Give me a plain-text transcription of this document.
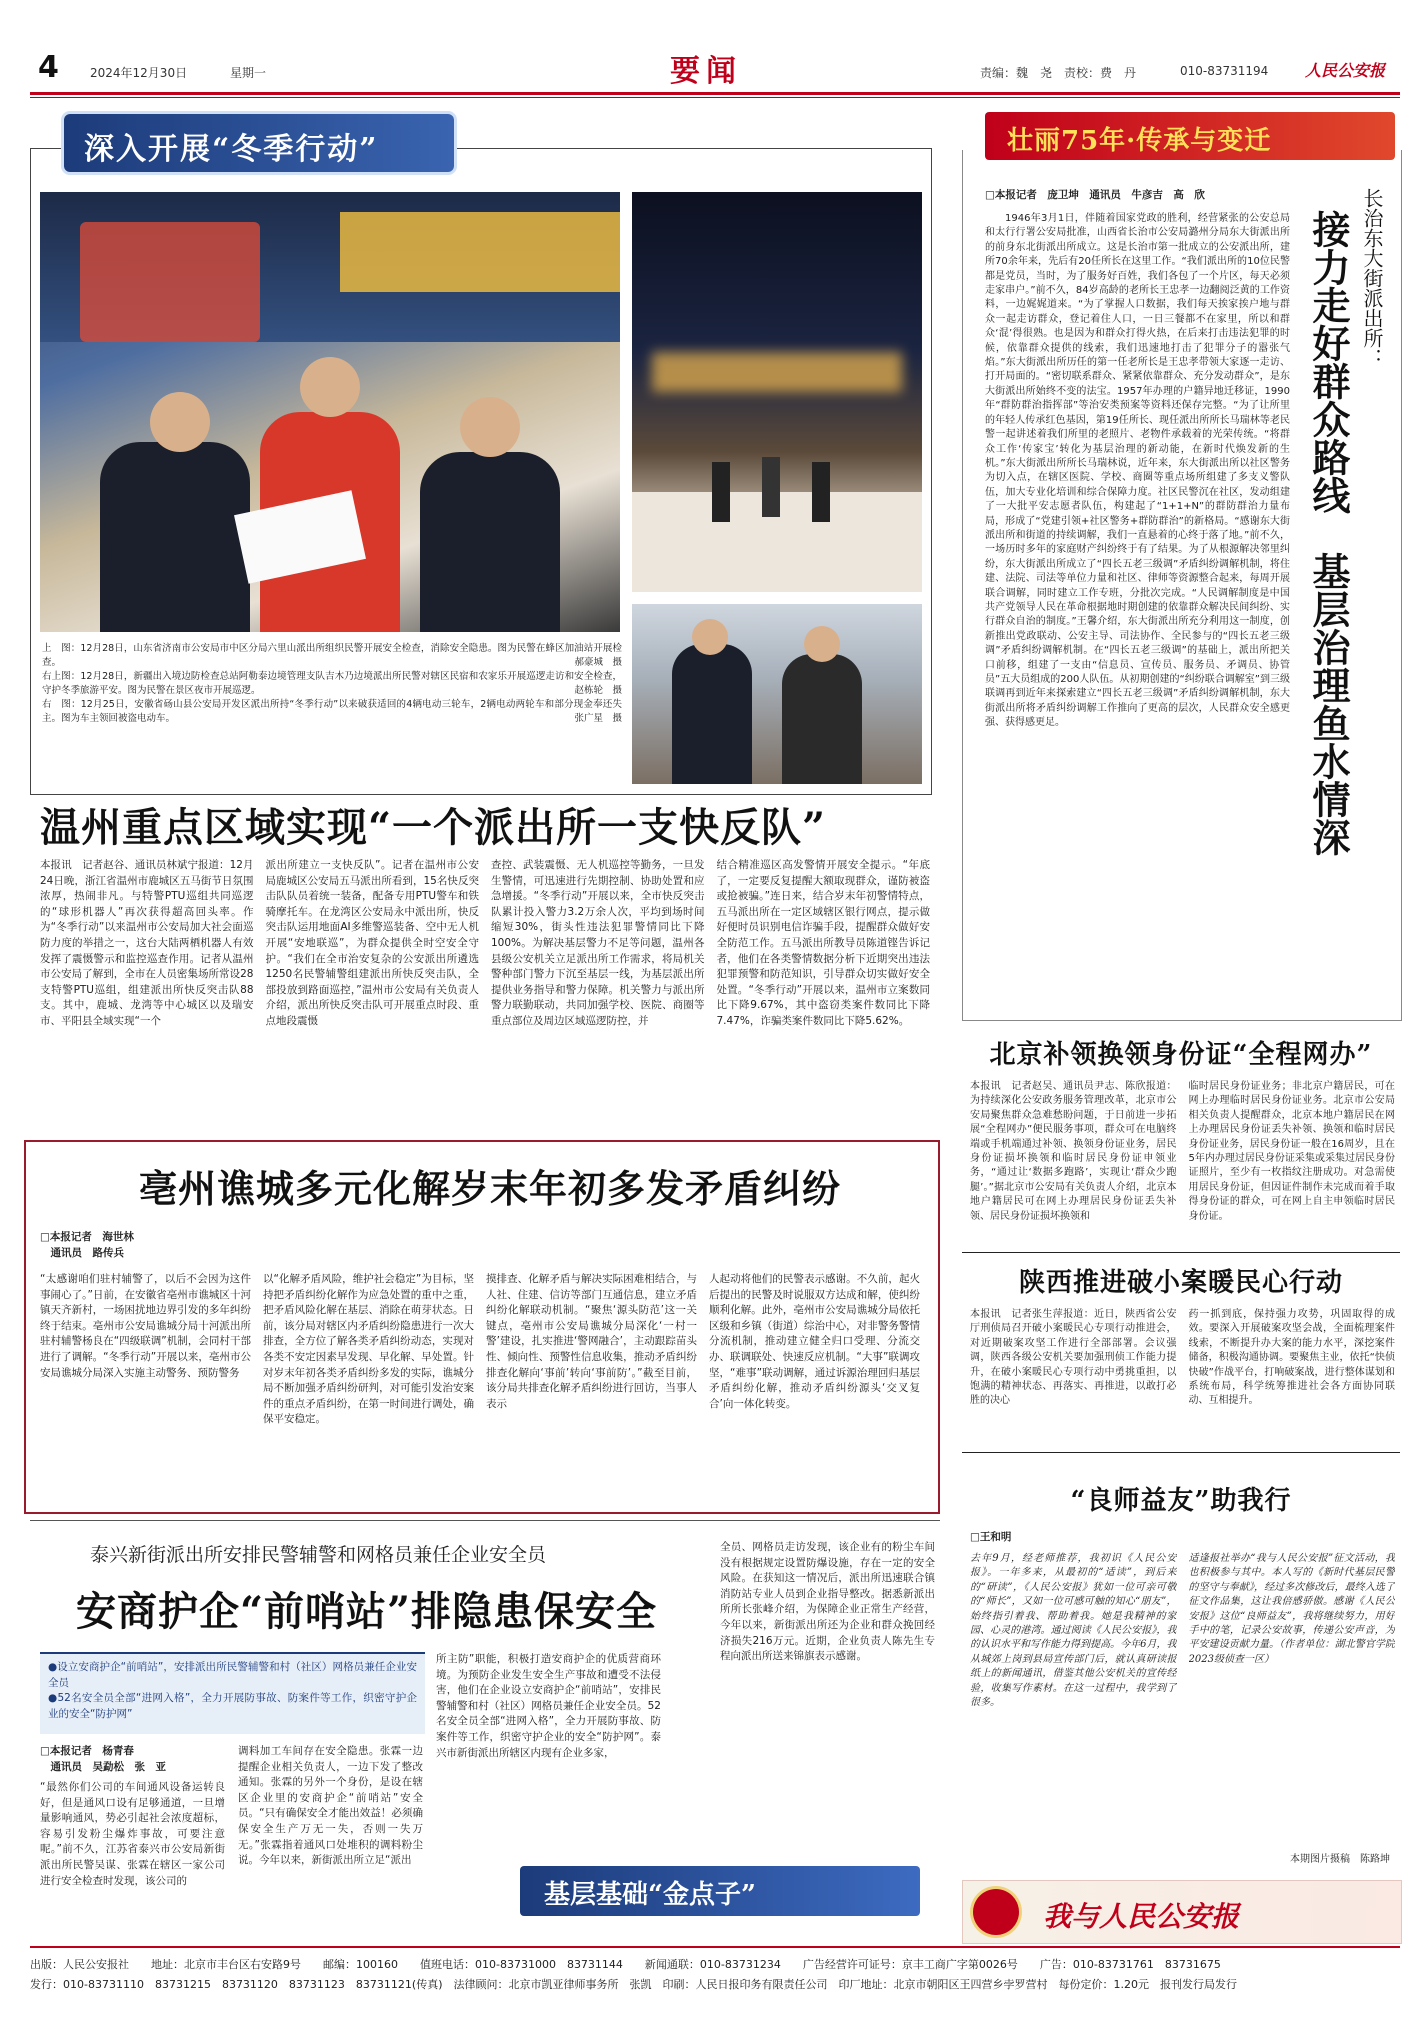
4	2024年12月30日	星期一	要闻	责编：魏　尧　责校：费　丹	010-83731194 人民公安报
深入开展“冬季行动”
上　图：12月28日，山东省济南市公安局市中区分局六里山派出所组织民警开展安全检查，消除安全隐患。图为民警在蜂区加油站开展检查。	郝豪城　摄
右上图：12月28日，新疆出入境边防检查总站阿勒泰边境管理支队吉木乃边境派出所民警对辖区民宿和农家乐开展巡逻走访和安全检查，守护冬季旅游平安。图为民警在景区夜市开展巡逻。	赵栋轮　摄
右　图：12月25日，安徽省砀山县公安局开发区派出所持“冬季行动”以来破获适回的4辆电动三轮车，2辆电动两轮车和部分现金奉还失主。图为车主领回被盗电动车。	张广星　摄
温州重点区域实现“一个派出所一支快反队”
本报讯　记者赵谷、通讯员林斌宁报道：12月24日晚，浙江省温州市鹿城区五马街节日氛围浓厚，热闹非凡。与特警PTU巡组共同巡逻的“球形机器人”再次获得超高回头率。作为“冬季行动”以来温州市公安局加大社会面巡防力度的举措之一，这台大陆两栖机器人有效发挥了震慑警示和监控巡查作用。记者从温州市公安局了解到，全市在人员密集场所常设28支特警PTU巡组，组建派出所快反突击队88支。其中，鹿城、龙湾等中心城区以及瑞安市、平阳县全域实现“一个
派出所建立一支快反队”。记者在温州市公安局鹿城区公安局五马派出所看到，15名快反突击队队员着统一装备，配备专用PTU警车和铁骑摩托车。在龙湾区公安局永中派出所，快反突击队运用地面AI多维警巡装备、空中无人机开展“安地联巡”，为群众提供全时空安全守护。“我们在全市治安复杂的公安派出所遴选1250名民警辅警组建派出所快反突击队，全部投放到路面巡控，”温州市公安局有关负责人介绍，派出所快反突击队可开展重点时段、重点地段震慑
查控、武装震慑、无人机巡控等勤务，一旦发生警情，可迅速进行先期控制、协助处置和应急增援。“冬季行动”开展以来，全市快反突击队累计投入警力3.2万余人次，平均到场时间缩短30%，街头性违法犯罪警情同比下降100%。为解决基层警力不足等问题，温州各县级公安机关立足派出所工作需求，将局机关警种部门警力下沉至基层一线，为基层派出所提供业务指导和警力保障。机关警力与派出所警力联勤联动，共同加强学校、医院、商圈等重点部位及周边区域巡逻防控，并
结合精准巡区高发警情开展安全提示。“年底了，一定要反复提醒大额取现群众，谨防被盗或抢被骗。”连日来，结合岁末年初警情特点，五马派出所在一定区域辖区银行网点，提示做好便时员识别电信诈骗手段，提醒群众做好安全防范工作。五马派出所教导员陈道铿告诉记者，他们在各类警情数据分析下近期突出违法犯罪预警和防范知识，引导群众切实做好安全处置。“冬季行动”开展以来，温州市立案数同比下降9.67%，其中盗窃类案件数同比下降7.47%，诈骗类案件数同比下降5.62%。
亳州谯城多元化解岁末年初多发矛盾纠纷
□本报记者　海世林
　通讯员　路传兵
“太感谢咱们驻村辅警了，以后不会因为这件事闹心了。”日前，在安徽省亳州市谯城区十河镇天齐新村，一场困扰地边界引发的多年纠纷终于结束。亳州市公安局谯城分局十河派出所驻村辅警杨良在“四级联调”机制，会同村干部进行了调解。“冬季行动”开展以来，亳州市公安局谯城分局深入实施主动警务、预防警务
以“化解矛盾风险，维护社会稳定”为目标，坚持把矛盾纠纷化解作为应急处置的重中之重，把矛盾风险化解在基层、消除在萌芽状态。日前，该分局对辖区内矛盾纠纷隐患进行一次大排查，全方位了解各类矛盾纠纷动态，实现对各类不安定因素早发现、早化解、早处置。针对岁末年初各类矛盾纠纷多发的实际，谯城分局不断加强矛盾纠纷研判，对可能引发治安案件的重点矛盾纠纷，在第一时间进行调处，确保平安稳定。
摸排查、化解矛盾与解决实际困难相结合，与人社、住建、信访等部门互通信息，建立矛盾纠纷化解联动机制。“聚焦‘源头防范’这一关键点，亳州市公安局谯城分局深化‘一村一警’建设，扎实推进‘警网融合’，主动跟踪苗头性、倾向性、预警性信息收集，推动矛盾纠纷排查化解向‘事前’转向‘事前防’。”截至目前，该分局共排查化解矛盾纠纷进行回访，当事人表示
人起动将他们的民警表示感谢。不久前，起火后提出的民警及时说服双方达成和解，使纠纷顺利化解。此外，亳州市公安局谯城分局依托区级和乡镇（街道）综治中心，对非警务警情分流机制，推动建立健全归口受理、分流交办、联调联处、快速反应机制。“大事”联调攻坚，“难事”联动调解，通过诉源治理回归基层矛盾纠纷化解，推动矛盾纠纷源头‘交叉复合’向一体化转变。
壮丽75年·传承与变迁
□本报记者　庞卫坤　通讯员　牛彦吉　高　欣	长治东大街派出所：
接力走好群众路线　基层治理鱼水情深

1946年3月1日，伴随着国家党政的胜利，经营紧张的公安总局和太行行署公安局批准，山西省长治市公安局潞州分局东大街派出所的前身东北街派出所成立。这是长治市第一批成立的公安派出所，建所70余年来，先后有20任所长在这里工作。“我们派出所的10位民警都是党员，当时，为了服务好百姓，我们各包了一个片区，每天必须走家串户。”前不久，84岁高龄的老所长王忠孝一边翻阅泛黄的工作资料，一边娓娓道来。“为了掌握人口数据，我们每天挨家挨户地与群众一起走访群众，登记着住人口，一日三餐都不在家里，所以和群众‘混’得很熟。也是因为和群众打得火热，在后来打击违法犯罪的时候，依靠群众提供的线索，我们迅速地打击了犯罪分子的嚣张气焰。”东大街派出所历任的第一任老所长是王忠孝带领大家逐一走访、打开局面的。“密切联系群众、紧紧依靠群众、充分发动群众”，是东大街派出所始终不变的法宝。1957年办理的户籍异地迁移证，1990年“群防群治指挥部”等治安类预案等资料还保存完整。“为了让所里的年轻人传承红色基因，第19任所长、现任派出所所长马瑞林等老民警一起讲述着我们所里的老照片、老物件承载着的光荣传统。“将群众工作‘传家宝’转化为基层治理的新动能，在新时代焕发新的生机。”东大街派出所所长马瑞林说，近年来，东大街派出所以社区警务为切入点，在辖区医院、学校、商圈等重点场所组建了多支义警队伍，加大专业化培训和综合保障力度。社区民警沉在社区，发动组建了一大批平安志愿者队伍，构建起了“1+1+N”的群防群治力量布局，形成了“党建引领+社区警务+群防群治”的新格局。“感谢东大街派出所和街道的持续调解，我们一直悬着的心终于落了地。”前不久，一场历时多年的家庭财产纠纷终于有了结果。为了从根源解决邻里纠纷，东大街派出所成立了“四长五老三级调”矛盾纠纷调解机制，将住建、法院、司法等单位力量和社区、律师等资源整合起来，每周开展联合调解，同时建立工作专班，分批次完成。“人民调解制度是中国共产党领导人民在革命根据地时期创建的依靠群众解决民间纠纷、实行群众自治的制度。”王馨介绍，东大街派出所充分利用这一制度，创新推出党政联动、公安主导、司法协作、全民参与的“四长五老三级调”矛盾纠纷调解机制。在“四长五老三级调”的基础上，派出所把关口前移，组建了一支由“信息员、宣传员、服务员、矛调员、协管员”五大员组成的200人队伍。从初期创建的“纠纷联合调解室”到三级联调再到近年来探索建立“四长五老三级调”矛盾纠纷调解机制，东大街派出所将矛盾纠纷调解工作推向了更高的层次，人民群众安全感更强、获得感更足。

北京补领换领身份证“全程网办”
本报讯　记者赵吴、通讯员尹志、陈欣报道：为持续深化公安政务服务管理改革，北京市公安局聚焦群众急难愁盼问题，于日前进一步拓展“全程网办”便民服务事项，群众可在电脑终端或手机端通过补领、换领身份证业务，居民身份证损坏换领和临时居民身份证申领业务，“通过让‘数据多跑路’，实现让‘群众少跑腿’。”据北京市公安局有关负责人介绍，北京本地户籍居民可在网上办理居民身份证丢失补领、居民身份证损坏换领和
临时居民身份证业务；非北京户籍居民，可在网上办理临时居民身份证业务。北京市公安局相关负责人提醒群众，北京本地户籍居民在网上办理居民身份证丢失补领、换领和临时居民身份证业务，居民身份证一般在16周岁，且在5年内办理过居民身份证采集或采集过居民身份证照片，至少有一枚指纹注册成功。对急需使用居民身份证，但因证件制作未完成而着手取得身份证的群众，可在网上自主申领临时居民身份证。
陕西推进破小案暖民心行动
本报讯　记者张生萍报道：近日，陕西省公安厅刑侦局召开破小案暖民心专项行动推进会，对近期破案攻坚工作进行全部部署。会议强调，陕西各级公安机关要加强刑侦工作能力提升，在破小案暖民心专项行动中勇挑重担，以饱满的精神状态、再落实、再推进，以敢打必胜的决心
药一抓到底，保持强力攻势，巩固取得的成效。要深入开展破案攻坚会战，全面梳理案件线索，不断提升办大案的能力水平，深挖案件储备，积极沟通协调。要聚焦主业，依托“快侦快破”作战平台，打响破案战，进行整体谋划和系统布局，科学统筹推进社会各方面协同联动、互相提升。
“良师益友”助我行
□王和明
去年9月，经老师推荐，我初识《人民公安报》。一年多来，从最初的“适读”，到后来的“研读”，《人民公安报》犹如一位可亲可敬的“师长”，又如一位可感可触的知心“朋友”，始终指引着我、帮助着我。她是我精神的家园、心灵的港湾。通过阅读《人民公安报》，我的认识水平和写作能力得到提高。今年6月，我从城郊上岗到县局宣传部门后，就认真研读报纸上的新闻通讯，借鉴其他公安机关的宣传经验，收集写作素材。在这一过程中，我学到了很多。
适逢报社举办“我与人民公安报”征文活动，我也积极参与其中。本人写的《新时代基层民警的坚守与奉献》，经过多次修改后，最终入选了征文作品集，这让我倍感骄傲。感谢《人民公安报》这位“良师益友”，我将继续努力，用好手中的笔，记录公安故事，传递公安声音，为平安建设贡献力量。（作者单位：湖北警官学院2023级侦查一区）
本期图片摄稿　陈路坤
我与人民公安报
泰兴新街派出所安排民警辅警和网格员兼任企业安全员
安商护企“前哨站”排隐患保安全
●设立安商护企“前哨站”，安排派出所民警辅警和村（社区）网格员兼任企业安全员
●52名安全员全部“进网入格”，全力开展防事故、防案件等工作，织密守护企业的安全“防护网”
□本报记者　杨青春
　通讯员　吴勐松　张　亚
“最然你们公司的车间通风设备运转良好，但是通风口设有足够通道，一旦增量影响通风，势必引起社会浓度超标，容易引发粉尘爆炸事故，可要注意呢。”前不久，江苏省泰兴市公安局新街派出所民警吴谋、张霖在辖区一家公司进行安全检查时发现，该公司的
调料加工车间存在安全隐患。张霖一边提醒企业相关负责人，一边下发了整改通知。张霖的另外一个身份，是设在辖区企业里的安商护企“前哨站”安全员。“只有确保安全才能出效益！必须确保安全生产万无一失，否则一失万无。”张霖指着通风口处堆积的调料粉尘说。今年以来，新街派出所立足“派出
所主防”职能，积极打造安商护企的优质营商环境。为预防企业发生安全生产事故和遭受不法侵害，他们在企业设立安商护企“前哨站”，安排民警辅警和村（社区）网格员兼任企业安全员。52名安全员全部“进网入格”，全力开展防事故、防案件等工作，织密守护企业的安全“防护网”。泰兴市新街派出所辖区内现有企业多家，
全员、网格员走访发现，该企业有的粉尘车间没有根据规定设置防爆设施，存在一定的安全风险。在获知这一情况后，派出所迅速联合镇消防站专业人员到企业指导整改。据悉新派出所所长张峰介绍，为保障企业正常生产经营，今年以来，新街派出所还为企业和群众挽回经济损失216万元。近期，企业负责人陈先生专程向派出所送来锦旗表示感谢。
基层基础“金点子”
出版：人民公安报社　　地址：北京市丰台区右安路9号　　邮编：100160　　值班电话：010-83731000　83731144　　新闻通联：010-83731234　　广告经营许可证号：京丰工商广字第0026号　　广告：010-83731761　83731675
发行：010-83731110　83731215　83731120　83731123　83731121(传真)　法律顾问：北京市凯亚律师事务所　张凯　印刷：人民日报印务有限责任公司　印厂地址：北京市朝阳区王四营乡孛罗营村　每份定价：1.20元　报刊发行局发行
